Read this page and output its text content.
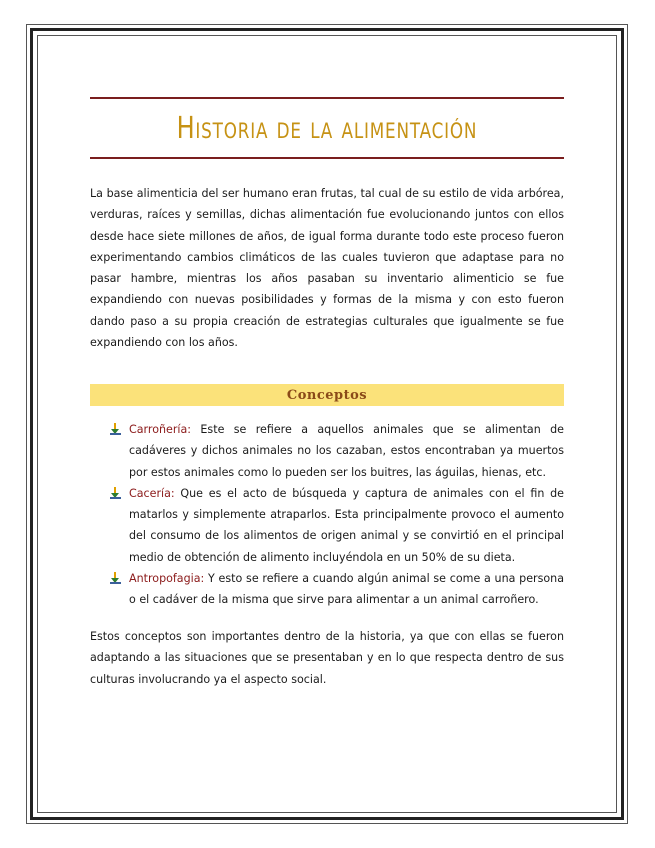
Historia de la alimentación

La base alimenticia del ser humano eran frutas, tal cual de su estilo de vida arbórea, verduras, raíces y semillas, dichas alimentación fue evolucionando juntos con ellos desde hace siete millones de años, de igual forma durante todo este proceso fueron experimentando cambios climáticos de las cuales tuvieron que adaptase para no pasar hambre, mientras los años pasaban su inventario alimenticio se fue expandiendo con nuevas posibilidades y formas de la misma y con esto fueron dando paso a su propia creación de estrategias culturales que igualmente se fue expandiendo con los años.

Conceptos
Carroñería: Este se refiere a aquellos animales que se alimentan de cadáveres y dichos animales no los cazaban, estos encontraban ya muertos por estos animales como lo pueden ser los buitres, las águilas, hienas, etc.
Cacería: Que es el acto de búsqueda y captura de animales con el fin de matarlos y simplemente atraparlos. Esta principalmente provoco el aumento del consumo de los alimentos de origen animal y se convirtió en el principal medio de obtención de alimento incluyéndola en un 50% de su dieta.
Antropofagia: Y esto se refiere a cuando algún animal se come a una persona o el cadáver de la misma que sirve para alimentar a un animal carroñero.

Estos conceptos son importantes dentro de la historia, ya que con ellas se fueron adaptando a las situaciones que se presentaban y en lo que respecta dentro de sus culturas involucrando ya el aspecto social.
